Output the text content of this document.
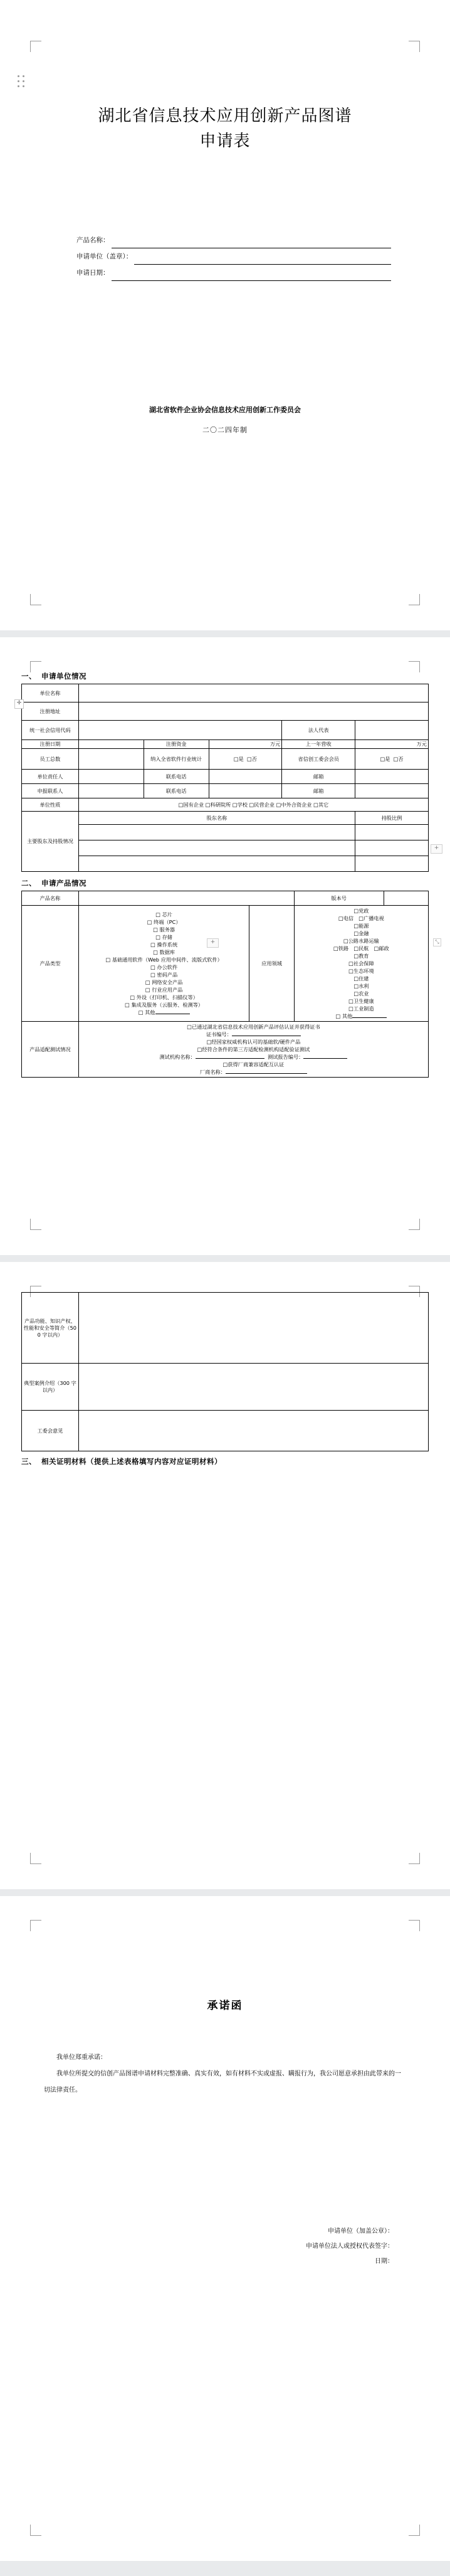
湖北省信息技术应用创新产品图谱
申请表
产品名称：
申请单位（盖章）：
申请日期：
湖北省软件企业协会信息技术应用创新工作委员会
二〇二四年制
一、 申请单位情况
✛
单位名称					
注册地址					
统一社会信用代码				法人代表	
注册日期		注册资金	万元	上一年营收	万元
员工总数		纳入全省软件行业统计	□是 □否	省信创工委会会员	□是 □否
单位责任人		联系电话		邮箱	
申报联系人		联系电话		邮箱	
单位性质	□国有企业 □科研院所 □学校 □民营企业 □中外合资企业 □其它				
主要股东及持股情况	股东名称				持股比例

+
二、 申请产品情况
+	⤡
产品名称			版本号	
产品类型	
□ 芯片
□ 终端（PC）
□ 服务器
□ 存储
□ 操作系统
□ 数据库
□ 基础通用软件（Web 应用中间件、流版式软件）
□ 办公软件
□ 密码产品
□ 网络安全产品
□ 行业应用产品
□ 外设（打印机、扫描仪等）
□ 集成及服务（云服务、检测等）
□ 其他
	应用领域	
□党政
□电信　□广播电视
□能源
□金融
□公路水路运输
□铁路　□民航　□邮政
□教育
□社会保障
□生态环境
□住建
□水利
□农业
□卫生健康
□工业制造
□ 其他

产品适配测试情况	
□已通过湖北省信息技术应用创新产品评估认证并获得证书
证书编号：
□经国家权威机构认可的基础软/硬件产品
□经符合条件的第三方适配检测机构适配验证测试
测试机构名称：	测试报告编号：
□获得厂商兼容适配互认证
厂商名称：
产品功能、知识产权、性能和安全等简介（500 字以内）	
典型案例介绍（300 字以内）	
工委会意见	
三、 相关证明材料（提供上述表格填写内容对应证明材料）
承诺函

我单位郑重承诺：

我单位所提交的信创产品图谱申请材料完整准确、真实有效，如有材料不实或虚报、瞒报行为，我公司愿意承担由此带来的一切法律责任。

申请单位（加盖公章）：
申请单位法人或授权代表签字：
日期：
